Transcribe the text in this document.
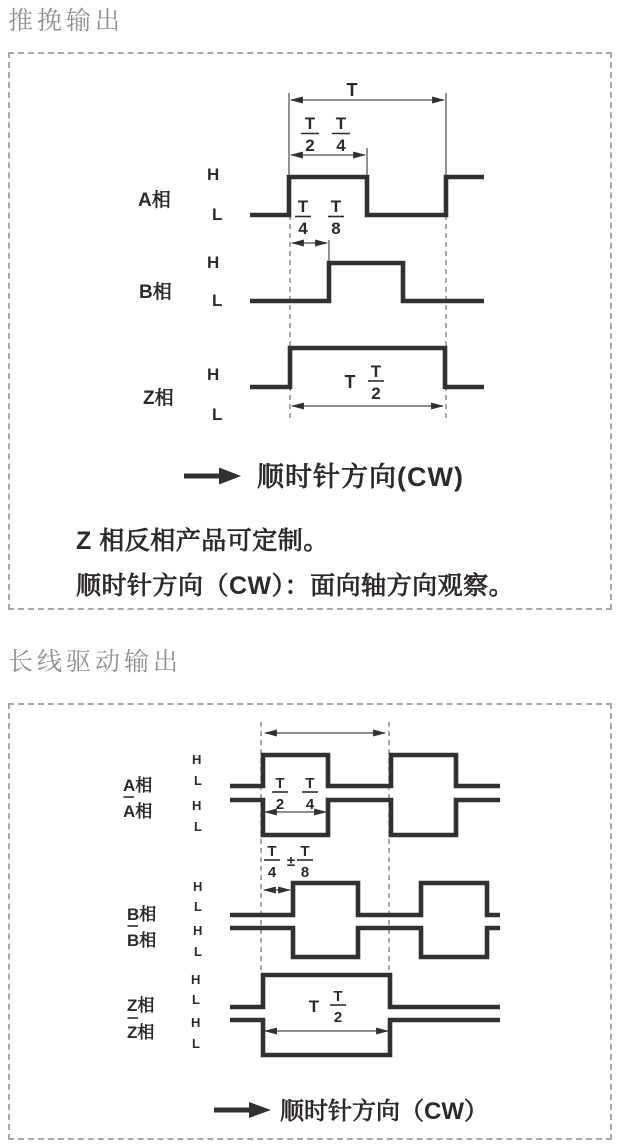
推挽输出
T
T
2
T
4
T
4
T
8
T
T
2
A相
H
L
B相
H
L
Z相
H
L
顺时针方向(CW)
Z 相反相产品可定制。
顺时针方向（CW）：面向轴方向观察。
长线驱动输出
T
2
T
4
T
4
±
T
8
T
T
2
A相
A相
B相
B相
Z相
Z相
H
L
H
L
H
L
H
L
H
L
H
L
顺时针方向（CW）
